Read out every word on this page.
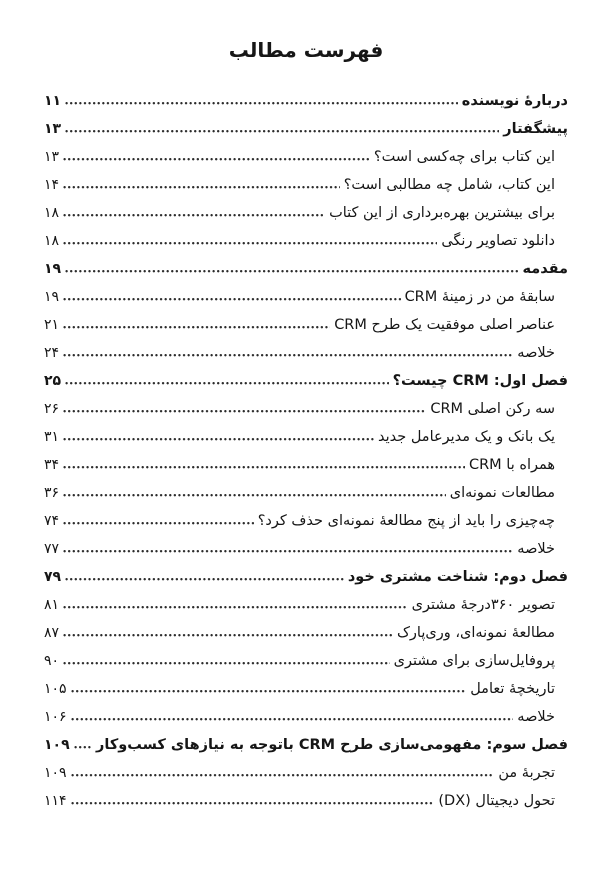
فهرست مطالب
دربارۀ نویسنده
۱۱
پیشگفتار
۱۳
این کتاب برای چه‌کسی است؟
۱۳
این کتاب، شامل چه مطالبی است؟
۱۴
برای بیشترین بهره‌برداری از این کتاب
۱۸
دانلود تصاویر رنگی
۱۸
مقدمه
۱۹
سابقۀ من در زمینۀ CRM
۱۹
عناصر اصلی موفقیت یک طرح CRM
۲۱
خلاصه
۲۴
فصل اول: CRM چیست؟
۲۵
سه رکن اصلی CRM
۲۶
یک بانک و یک مدیرعامل جدید
۳۱
همراه با CRM
۳۴
مطالعات نمونه‌ای
۳۶
چه‌چیزی را باید از پنج مطالعۀ نمونه‌ای حذف کرد؟
۷۴
خلاصه
۷۷
فصل دوم: شناخت مشتری خود
۷۹
تصویر ۳۶۰درجۀ مشتری
۸۱
مطالعۀ نمونه‌ای، وری‌پارک
۸۷
پروفایل‌سازی برای مشتری
۹۰
تاریخچۀ تعامل
۱۰۵
خلاصه
۱۰۶
فصل سوم: مفهومی‌سازی طرح CRM باتوجه به نیازهای کسب‌وکار
۱۰۹
تجربۀ من
۱۰۹
تحول دیجیتال (DX)
۱۱۴
